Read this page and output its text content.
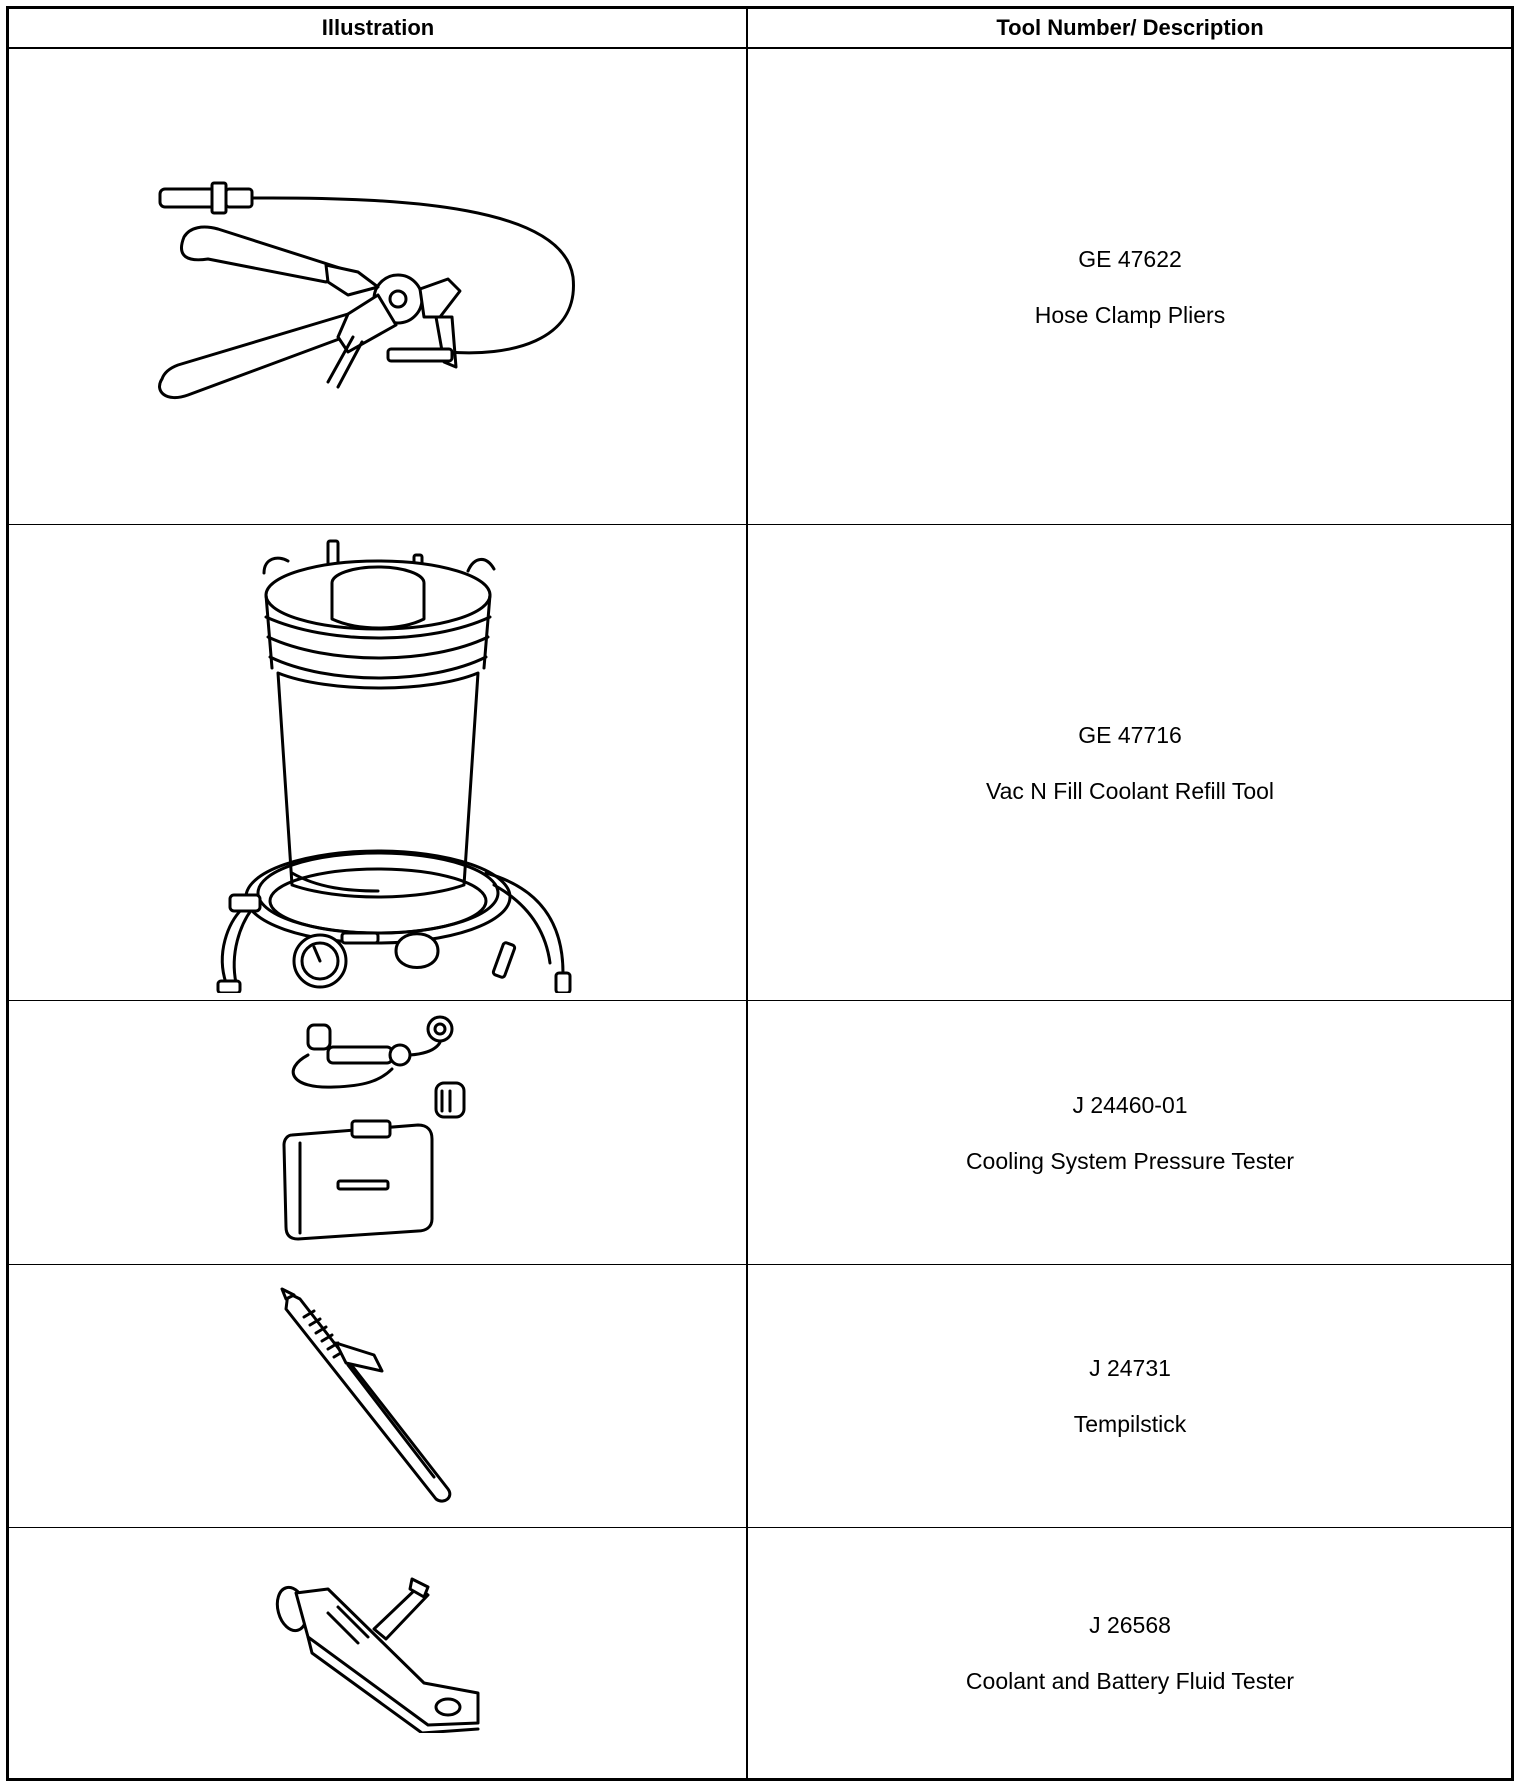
Illustration	Tool Number/ Description
GE 47622
Hose Clamp Pliers
GE 47716
Vac N Fill Coolant Refill Tool
J 24460-01
Cooling System Pressure Tester
J 24731
Tempilstick
J 26568
Coolant and Battery Fluid Tester
